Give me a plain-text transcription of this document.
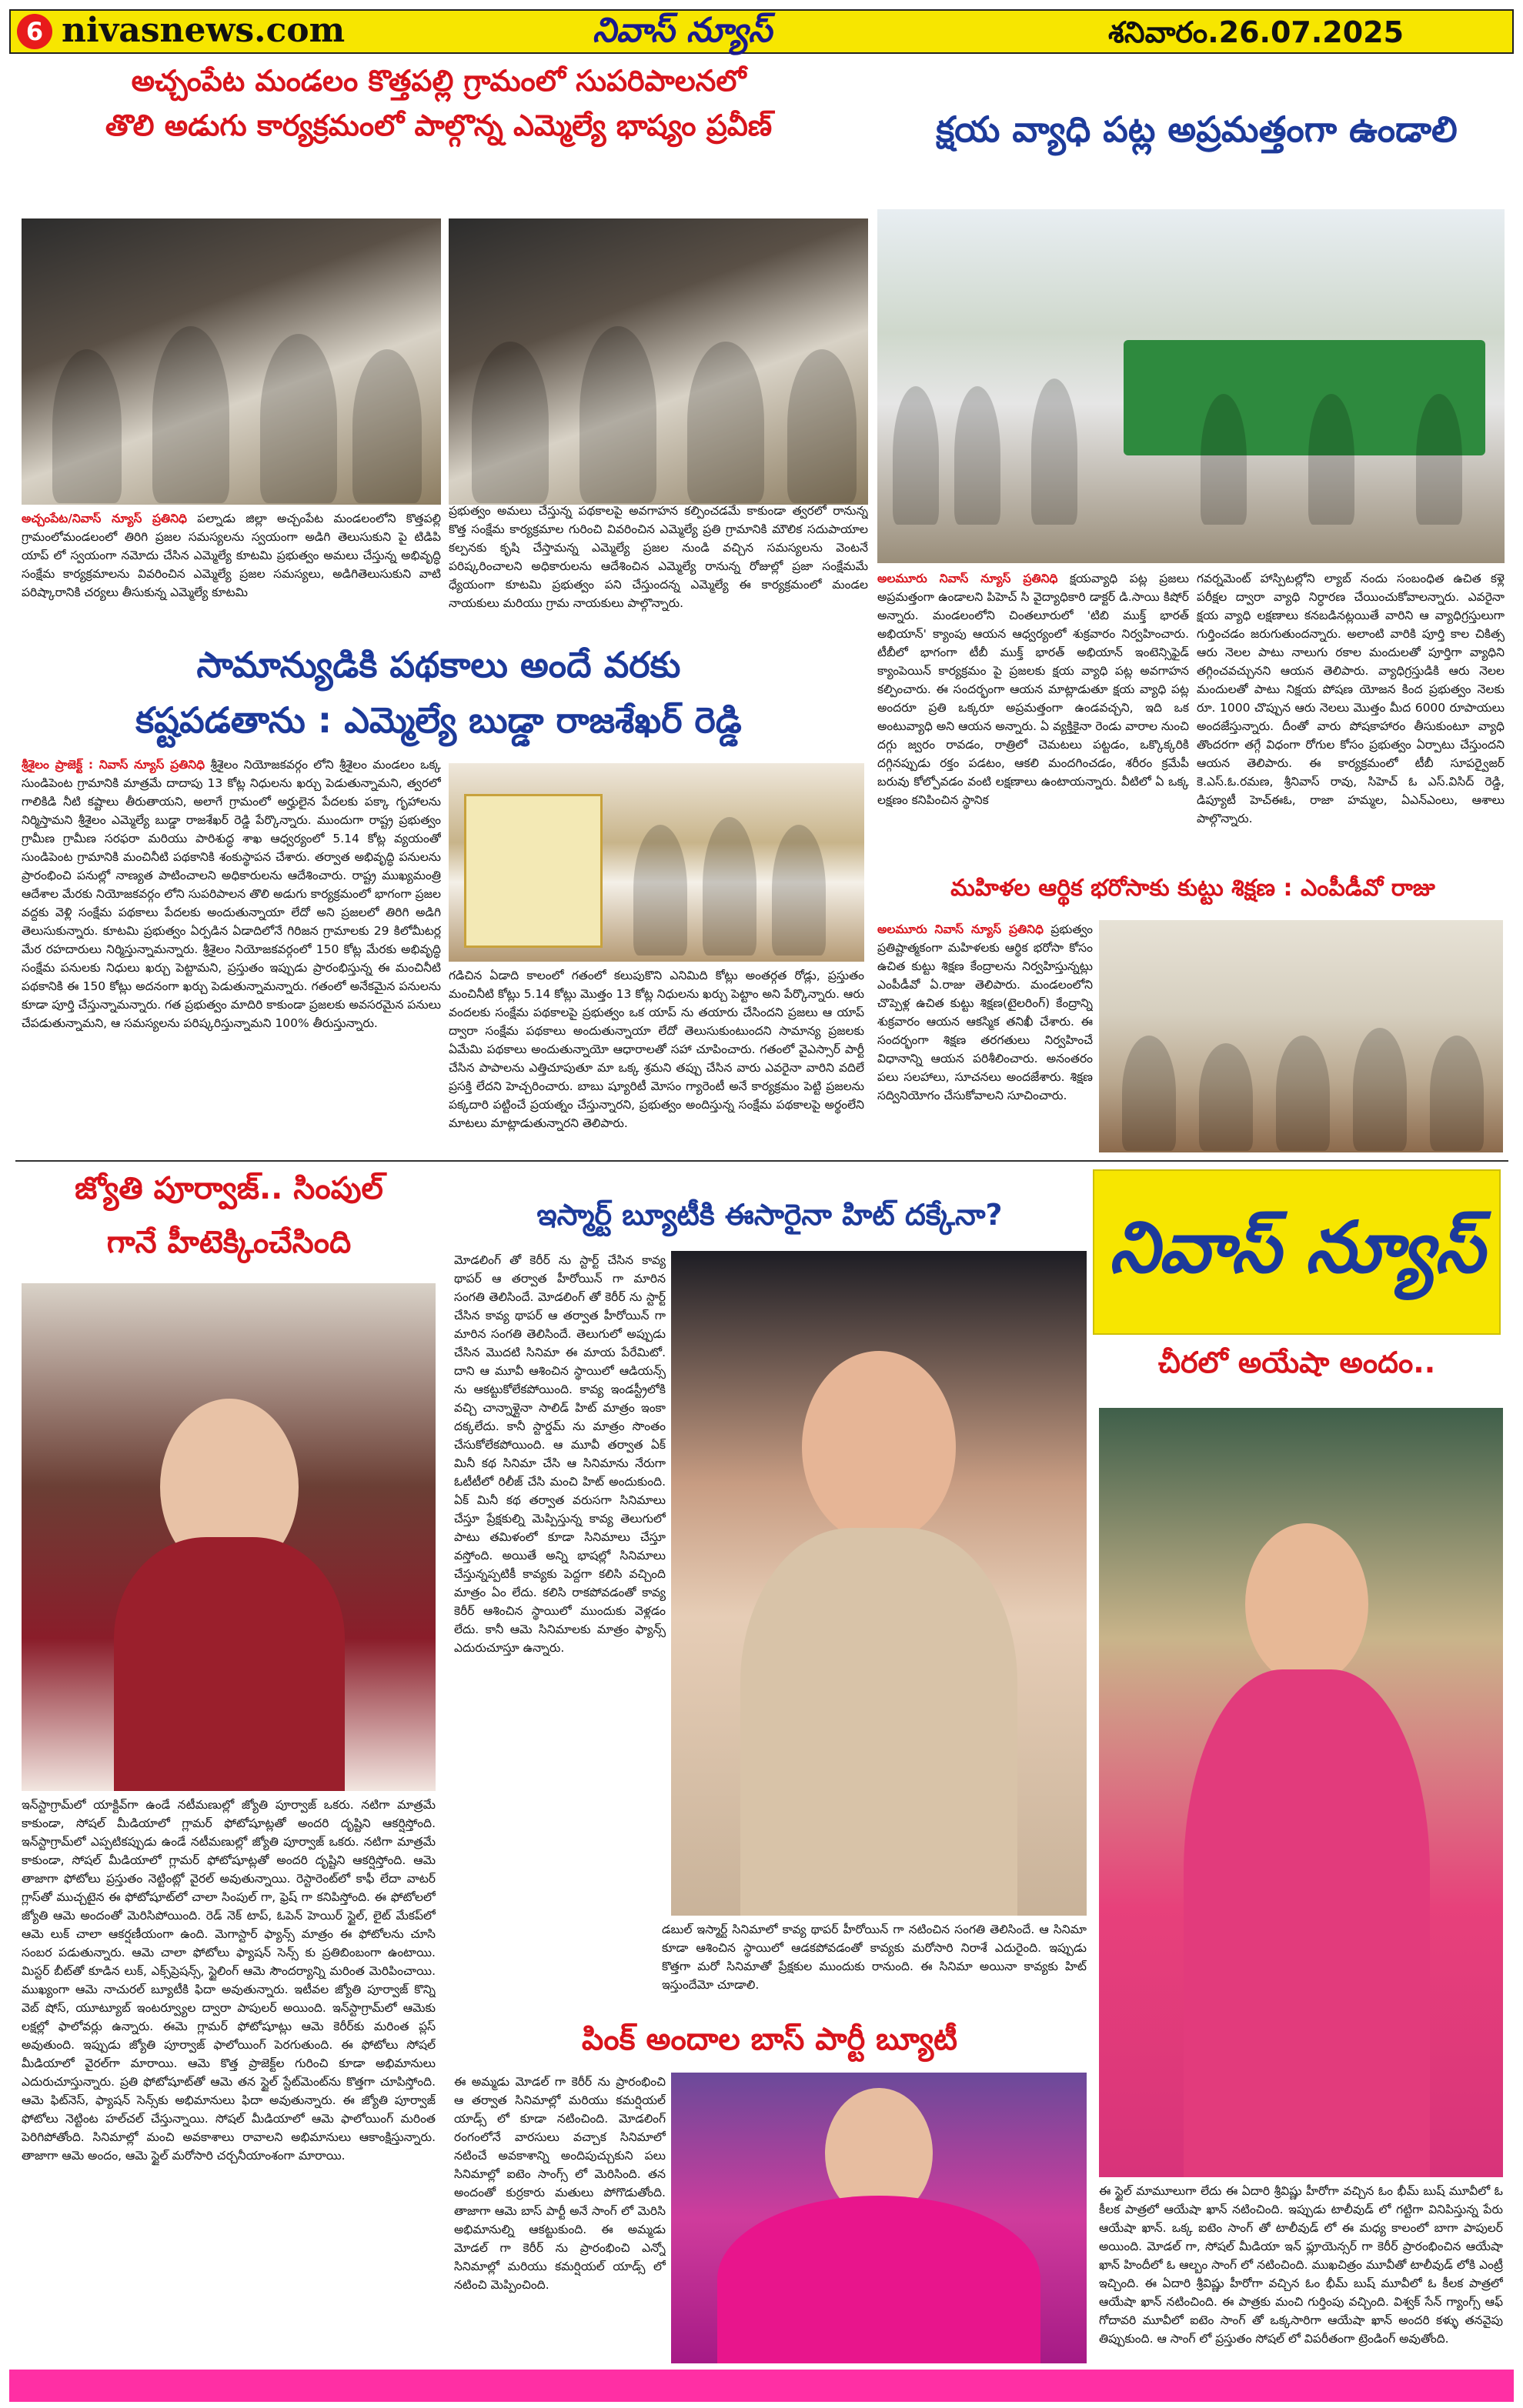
6 nivasnews.com	నివాస్ న్యూస్	శనివారం.26.07.2025
అచ్చంపేట మండలం కొత్తపల్లి గ్రామంలో సుపరిపాలనలో
తొలి అడుగు కార్యక్రమంలో పాల్గొన్న ఎమ్మెల్యే భాష్యం ప్రవీణ్
అచ్చంపేట/నివాస్ న్యూస్ ప్రతినిధి పల్నాడు జిల్లా అచ్చంపేట మండలంలోని కొత్తపల్లి గ్రామంలోమండలంలో తిరిగి ప్రజల సమస్యలను స్వయంగా అడిగి తెలుసుకుని పై టిడిపి యాప్ లో స్వయంగా నమోదు చేసిన ఎమ్మెల్యే కూటమి ప్రభుత్వం అమలు చేస్తున్న అభివృద్ధి సంక్షేమ కార్యక్రమాలను వివరించిన ఎమ్మెల్యే ప్రజల సమస్యలు, అడిగితెలుసుకుని వాటి పరిష్కారానికి చర్యలు తీసుకున్న ఎమ్మెల్యే కూటమి
ప్రభుత్వం అమలు చేస్తున్న పథకాలపై అవగాహన కల్పించడమే కాకుండా త్వరలో రానున్న కొత్త సంక్షేమ కార్యక్రమాల గురించి వివరించిన ఎమ్మెల్యే ప్రతి గ్రామానికి మౌలిక సదుపాయాల కల్పనకు కృషి చేస్తామన్న ఎమ్మెల్యే ప్రజల నుండి వచ్చిన సమస్యలను వెంటనే పరిష్కరించాలని అధికారులను ఆదేశించిన ఎమ్మెల్యే రానున్న రోజుల్లో ప్రజా సంక్షేమమే ధ్యేయంగా కూటమి ప్రభుత్వం పని చేస్తుందన్న ఎమ్మెల్యే ఈ కార్యక్రమంలో మండల నాయకులు మరియు గ్రామ నాయకులు పాల్గొన్నారు.
క్షయ వ్యాధి పట్ల అప్రమత్తంగా ఉండాలి
అలమూరు నివాస్ న్యూస్ ప్రతినిధి క్షయవ్యాధి పట్ల ప్రజలు అప్రమత్తంగా ఉండాలని పిహెచ్ సి వైద్యాధికారి డాక్టర్ డి.సాయి కిషోర్ అన్నారు. మండలంలోని చింతలూరులో 'టిబి ముక్త్ భారత్ అభియాన్' క్యాంపు ఆయన ఆధ్వర్యంలో శుక్రవారం నిర్వహించారు. టీబీలో భాగంగా టీబీ ముక్త్ భారత్ అభియాన్ ఇంటెన్సిఫైడ్ క్యాంపెయిన్ కార్యక్రమం పై ప్రజలకు క్షయ వ్యాధి పట్ల అవగాహన కల్పించారు. ఈ సందర్భంగా ఆయన మాట్లాడుతూ క్షయ వ్యాధి పట్ల అందరూ ప్రతి ఒక్కరూ అప్రమత్తంగా ఉండవచ్చని, ఇది ఒక అంటువ్యాధి అని ఆయన అన్నారు. ఏ వ్యక్తికైనా రెండు వారాల నుంచి దగ్గు జ్వరం రావడం, రాత్రిలో చెమటలు పట్టడం, ఒక్కొక్కరికి దగ్గినప్పుడు రక్తం పడటం, ఆకలి మందగించడం, శరీరం క్రమేపీ బరువు కోల్పోవడం వంటి లక్షణాలు ఉంటాయన్నారు. వీటిలో ఏ ఒక్క లక్షణం కనిపించిన స్థానిక
గవర్నమెంట్ హాస్పిటల్లోని ల్యాబ్ నందు సంబంధిత ఉచిత కళ్లె పరీక్షల ద్వారా వ్యాధి నిర్ధారణ చేయించుకోవాలన్నారు. ఎవరైనా క్షయ వ్యాధి లక్షణాలు కనబడినట్లయితే వారిని ఆ వ్యాధిగ్రస్తులుగా గుర్తించడం జరుగుతుందన్నారు. అలాంటి వారికి పూర్తి కాల చికిత్స ఆరు నెలల పాటు నాలుగు రకాల మందులతో పూర్తిగా వ్యాధిని తగ్గించవచ్చునని ఆయన తెలిపారు. వ్యాధిగ్రస్తుడికి ఆరు నెలల మందులతో పాటు నిక్షయ పోషణ యోజన కింద ప్రభుత్వం నెలకు రూ. 1000 చొప్పున ఆరు నెలలు మొత్తం మీద 6000 రూపాయలు అందజేస్తున్నారు. దీంతో వారు పోషకాహారం తీసుకుంటూ వ్యాధి తొందరగా తగ్గే విధంగా రోగుల కోసం ప్రభుత్వం ఏర్పాటు చేస్తుందని ఆయన తెలిపారు. ఈ కార్యక్రమంలో టీబీ సూపర్వైజర్ కె.ఎస్.ఓ.రమణ, శ్రీనివాస్ రావు, సిహెచ్ ఓ ఎస్.విసిద్ రెడ్డి, డిప్యూటీ హెచ్ఈఓ, రాజా హమ్మల, ఏఎన్ఎంలు, ఆశాలు పాల్గొన్నారు.
సామాన్యుడికి పథకాలు అందే వరకు
కష్టపడతాను : ఎమ్మెల్యే బుడ్డా రాజశేఖర్ రెడ్డి
శ్రీశైలం ప్రాజెక్ట్ : నివాస్ న్యూస్ ప్రతినిధి శ్రీశైలం నియోజకవర్గం లోని శ్రీశైలం మండలం ఒక్క సుండిపెంట గ్రామానికి మాత్రమే దాదాపు 13 కోట్ల నిధులను ఖర్చు పెడుతున్నామని, త్వరలో గాలికిడి నీటి కష్టాలు తీరుతాయని, అలాగే గ్రామంలో అర్హులైన పేదలకు పక్కా గృహాలను నిర్మిస్తామని శ్రీశైలం ఎమ్మెల్యే బుడ్డా రాజశేఖర్ రెడ్డి పేర్కొన్నారు. ముందుగా రాష్ట్ర ప్రభుత్వం గ్రామీణ గ్రామీణ సరఫరా మరియు పారిశుద్ధ శాఖ ఆధ్వర్యంలో 5.14 కోట్ల వ్యయంతో సుండిపెంట గ్రామానికి మంచినీటి పథకానికి శంకుస్థాపన చేశారు. తర్వాత అభివృద్ధి పనులను ప్రారంభించి పనుల్లో నాణ్యత పాటించాలని అధికారులను ఆదేశించారు. రాష్ట్ర ముఖ్యమంత్రి ఆదేశాల మేరకు నియోజకవర్గం లోని సుపరిపాలన తొలి అడుగు కార్యక్రమంలో భాగంగా ప్రజల వద్దకు వెళ్లి సంక్షేమ పథకాలు పేదలకు అందుతున్నాయా లేదో అని ప్రజలలో తిరిగి అడిగి తెలుసుకున్నారు. కూటమి ప్రభుత్వం ఏర్పడిన ఏడాదిలోనే గిరిజన గ్రామాలకు 29 కిలోమీటర్ల మేర రహదారులు నిర్మిస్తున్నామన్నారు. శ్రీశైలం నియోజకవర్గంలో 150 కోట్ల మేరకు అభివృద్ధి సంక్షేమ పనులకు నిధులు ఖర్చు పెట్టామని, ప్రస్తుతం ఇప్పుడు ప్రారంభిస్తున్న ఈ మంచినీటి పథకానికి ఈ 150 కోట్లు అదనంగా ఖర్చు పెడుతున్నామన్నారు. గతంలో అనేకమైన పనులను కూడా పూర్తి చేస్తున్నామన్నారు. గత ప్రభుత్వం మాదిరి కాకుండా ప్రజలకు అవసరమైన పనులు చేపడుతున్నామని, ఆ సమస్యలను పరిష్కరిస్తున్నామని 100% తీరుస్తున్నారు.
గడిచిన ఏడాది కాలంలో గతంలో కలుపుకొని ఎనిమిది కోట్లు అంతర్గత రోడ్లు, ప్రస్తుతం మంచినీటి కోట్లు 5.14 కోట్లు మొత్తం 13 కోట్ల నిధులను ఖర్చు పెట్టాం అని పేర్కొన్నారు. ఆరు వందలకు సంక్షేమ పథకాలపై ప్రభుత్వం ఒక యాప్ ను తయారు చేసిందని ప్రజలు ఆ యాప్ ద్వారా సంక్షేమ పథకాలు అందుతున్నాయా లేదో తెలుసుకుంటుందని సామాన్య ప్రజలకు ఏమేమి పథకాలు అందుతున్నాయో ఆధారాలతో సహా చూపించారు. గతంలో వైఎస్సార్ పార్టీ చేసిన పాపాలను ఎత్తిచూపుతూ మా ఒక్క శ్రమని తప్పు చేసిన వారు ఎవరైనా వారిని వదిలే ప్రసక్తి లేదని హెచ్చరించారు. బాబు ష్యూరిటీ మోసం గ్యారెంటీ అనే కార్యక్రమం పెట్టి ప్రజలను పక్కదారి పట్టించే ప్రయత్నం చేస్తున్నారని, ప్రభుత్వం అందిస్తున్న సంక్షేమ పథకాలపై అర్థంలేని మాటలు మాట్లాడుతున్నారని తెలిపారు.
మహిళల ఆర్థిక భరోసాకు కుట్టు శిక్షణ : ఎంపీడీవో రాజు
అలమూరు నివాస్ న్యూస్ ప్రతినిధి ప్రభుత్వం ప్రతిష్టాత్మకంగా మహిళలకు ఆర్థిక భరోసా కోసం ఉచిత కుట్టు శిక్షణ కేంద్రాలను నిర్వహిస్తున్నట్లు ఎంపీడీవో ఏ.రాజు తెలిపారు. మండలంలోని చొప్పెళ్ల ఉచిత కుట్టు శిక్షణ(టైలరింగ్) కేంద్రాన్ని శుక్రవారం ఆయన ఆకస్మిక తనిఖీ చేశారు. ఈ సందర్భంగా శిక్షణ తరగతులు నిర్వహించే విధానాన్ని ఆయన పరిశీలించారు. అనంతరం పలు సలహాలు, సూచనలు అందజేశారు. శిక్షణ సద్వినియోగం చేసుకోవాలని సూచించారు.
జ్యోతి పూర్వాజ్.. సింపుల్
గానే హీటెక్కించేసింది
ఇన్‌స్టాగ్రామ్‌లో యాక్టివ్‌గా ఉండే నటీమణుల్లో జ్యోతి పూర్వాజ్ ఒకరు. నటిగా మాత్రమే కాకుండా, సోషల్ మీడియాలో గ్లామర్ ఫోటోషూట్లతో అందరి దృష్టిని ఆకర్షిస్తోంది. ఇన్‌స్టాగ్రామ్‌లో ఎప్పటికప్పుడు ఉండే నటీమణుల్లో జ్యోతి పూర్వాజ్ ఒకరు. నటిగా మాత్రమే కాకుండా, సోషల్ మీడియాలో గ్లామర్ ఫోటోషూట్లతో అందరి దృష్టిని ఆకర్షిస్తోంది. ఆమె తాజాగా ఫోటోలు ప్రస్తుతం నెట్టింట్లో వైరల్ అవుతున్నాయి. రెస్టారెంట్‌లో కాఫీ లేదా వాటర్ గ్లాస్‌తో ముచ్చటైన ఈ ఫోటోషూట్‌లో చాలా సింపుల్ గా, ఫ్రెష్ గా కనిపిస్తోంది. ఈ ఫోటోలలో జ్యోతి ఆమె అందంతో మెరిసిపోయింది. రెడ్ నెక్ టాప్, ఓపెన్ హెయిర్ స్టైల్, లైట్ మేకప్‌లో ఆమె లుక్ చాలా ఆకర్షణీయంగా ఉంది. మెగాస్టార్ ఫ్యాన్స్ మాత్రం ఈ ఫోటోలను చూసి సంబర పడుతున్నారు. ఆమె చాలా ఫోటోలు ఫ్యాషన్ సెన్స్ కు ప్రతిబింబంగా ఉంటాయి. మిస్టర్ బీట్‌తో కూడిన లుక్, ఎక్స్‌ప్రెషన్స్, స్టైలింగ్ ఆమె సౌందర్యాన్ని మరింత మెరిపించాయి. ముఖ్యంగా ఆమె నాచురల్ బ్యూటీకి ఫిదా అవుతున్నారు. ఇటీవల జ్యోతి పూర్వాజ్ కొన్ని వెబ్ షోస్, యూట్యూబ్ ఇంటర్వ్యూల ద్వారా పాపులర్ అయింది. ఇన్‌స్టాగ్రామ్‌లో ఆమెకు లక్షల్లో ఫాలోవర్లు ఉన్నారు. ఈమె గ్లామర్ ఫోటోషూట్లు ఆమె కెరీర్‌కు మరింత ప్లస్ అవుతుంది. ఇప్పుడు జ్యోతి పూర్వాజ్ ఫాలోయింగ్ పెరగుతుంది. ఈ ఫోటోలు సోషల్ మీడియాలో వైరల్‌గా మారాయి. ఆమె కొత్త ప్రాజెక్ట్‌ల గురించి కూడా అభిమానులు ఎదురుచూస్తున్నారు. ప్రతి ఫోటోషూట్‌తో ఆమె తన స్టైల్ స్టేట్‌మెంట్‌ను కొత్తగా చూపిస్తోంది. ఆమె ఫిట్‌నెస్, ఫ్యాషన్ సెన్స్‌కు అభిమానులు ఫిదా అవుతున్నారు. ఈ జ్యోతి పూర్వాజ్ ఫోటోలు నెట్టింట హల్‌చల్ చేస్తున్నాయి. సోషల్ మీడియాలో ఆమె ఫాలోయింగ్ మరింత పెరిగిపోతోంది. సినిమాల్లో మంచి అవకాశాలు రావాలని అభిమానులు ఆకాంక్షిస్తున్నారు. తాజాగా ఆమె అందం, ఆమె స్టైల్ మరోసారి చర్చనీయాంశంగా మారాయి.
ఇస్మార్ట్ బ్యూటీకి ఈసారైనా హిట్ దక్కేనా?
మోడలింగ్ తో కెరీర్ ను స్టార్ట్ చేసిన కావ్య థాపర్ ఆ తర్వాత హీరోయిన్ గా మారిన సంగతి తెలిసిందే. మోడలింగ్ తో కెరీర్ ను స్టార్ట్ చేసిన కావ్య థాపర్ ఆ తర్వాత హీరోయిన్ గా మారిన సంగతి తెలిసిందే. తెలుగులో అప్పుడు చేసిన మొదటి సినిమా ఈ మాయ పేరేమిటో. దాని ఆ మూవీ ఆశించిన స్థాయిలో ఆడియన్స్ ను ఆకట్టుకోలేకపోయింది. కావ్య ఇండస్ట్రీలోకి వచ్చి చాన్నాళ్లైనా సాలిడ్ హిట్ మాత్రం ఇంకా దక్కలేదు. కానీ స్టార్డమ్ ను మాత్రం సొంతం చేసుకోలేకపోయింది. ఆ మూవీ తర్వాత ఏక్ మినీ కథ సినిమా చేసి ఆ సినిమాను నేరుగా ఓటీటీలో రిలీజ్ చేసి మంచి హిట్ అందుకుంది. ఏక్ మినీ కథ తర్వాత వరుసగా సినిమాలు చేస్తూ ప్రేక్షకుల్ని మెప్పిస్తున్న కావ్య తెలుగులో పాటు తమిళంలో కూడా సినిమాలు చేస్తూ వస్తోంది. అయితే అన్ని భాషల్లో సినిమాలు చేస్తున్నప్పటికీ కావ్యకు పెద్దగా కలిసి వచ్చింది మాత్రం ఏం లేదు. కలిసి రాకపోవడంతో కావ్య కెరీర్ ఆశించిన స్థాయిలో ముందుకు వెళ్లడం లేదు. కానీ ఆమె సినిమాలకు మాత్రం ఫ్యాన్స్ ఎదురుచూస్తూ ఉన్నారు.
డబుల్ ఇస్మార్ట్ సినిమాలో కావ్య థాపర్ హీరోయిన్ గా నటించిన సంగతి తెలిసిందే. ఆ సినిమా కూడా ఆశించిన స్థాయిలో ఆడకపోవడంతో కావ్యకు మరోసారి నిరాశే ఎదురైంది. ఇప్పుడు కొత్తగా మరో సినిమాతో ప్రేక్షకుల ముందుకు రానుంది. ఈ సినిమా అయినా కావ్యకు హిట్ ఇస్తుందేమో చూడాలి.
పింక్ అందాల బాస్ పార్టీ బ్యూటీ
ఈ అమ్మడు మోడల్ గా కెరీర్ ను ప్రారంభించి ఆ తర్వాత సినిమాల్లో మరియు కమర్షియల్ యాడ్స్ లో కూడా నటించింది. మోడలింగ్ రంగంలోనే వారసులు వచ్చాక సినిమాలో నటించే అవకాశాన్ని అందిపుచ్చుకుని పలు సినిమాల్లో ఐటెం సాంగ్స్ లో మెరిసింది. తన అందంతో కుర్రకారు మతులు పోగొడుతోంది. తాజాగా ఆమె బాస్ పార్టీ అనే సాంగ్ లో మెరిసి అభిమానుల్ని ఆకట్టుకుంది. ఈ అమ్మడు మోడల్ గా కెరీర్ ను ప్రారంభించి ఎన్నో సినిమాల్లో మరియు కమర్షియల్ యాడ్స్ లో నటించి మెప్పించింది.
నివాస్ న్యూస్
చీరలో అయేషా అందం..
ఈ స్టైల్ మామూలుగా లేదు ఈ ఏదారి శ్రీవిష్ణు హీరోగా వచ్చిన ఓం భీమ్ బుష్ మూవీలో ఓ కీలక పాత్రలో ఆయేషా ఖాన్ నటించింది. ఇప్పుడు టాలీవుడ్ లో గట్టిగా వినిపిస్తున్న పేరు ఆయేషా ఖాన్. ఒక్క ఐటెం సాంగ్ తో టాలీవుడ్ లో ఈ మధ్య కాలంలో బాగా పాపులర్ అయింది. మోడల్ గా, సోషల్ మీడియా ఇన్ ఫ్లూయెన్సర్ గా కెరీర్ ప్రారంభించిన ఆయేషా ఖాన్ హిందీలో ఓ ఆల్బం సాంగ్ లో నటించింది. ముఖచిత్రం మూవీతో టాలీవుడ్ లోకి ఎంట్రీ ఇచ్చింది. ఈ ఏదారి శ్రీవిష్ణు హీరోగా వచ్చిన ఓం భీమ్ బుష్ మూవీలో ఓ కీలక పాత్రలో ఆయేషా ఖాన్ నటించింది. ఈ పాత్రకు మంచి గుర్తింపు వచ్చింది. విశ్వక్ సేన్ గ్యాంగ్స్ ఆఫ్ గోదావరి మూవీలో ఐటెం సాంగ్ తో ఒక్కసారిగా ఆయేషా ఖాన్ అందరి కళ్ళు తనవైపు తిప్పుకుంది. ఆ సాంగ్ లో ప్రస్తుతం సోషల్ లో విపరీతంగా ట్రెండింగ్ అవుతోంది.
